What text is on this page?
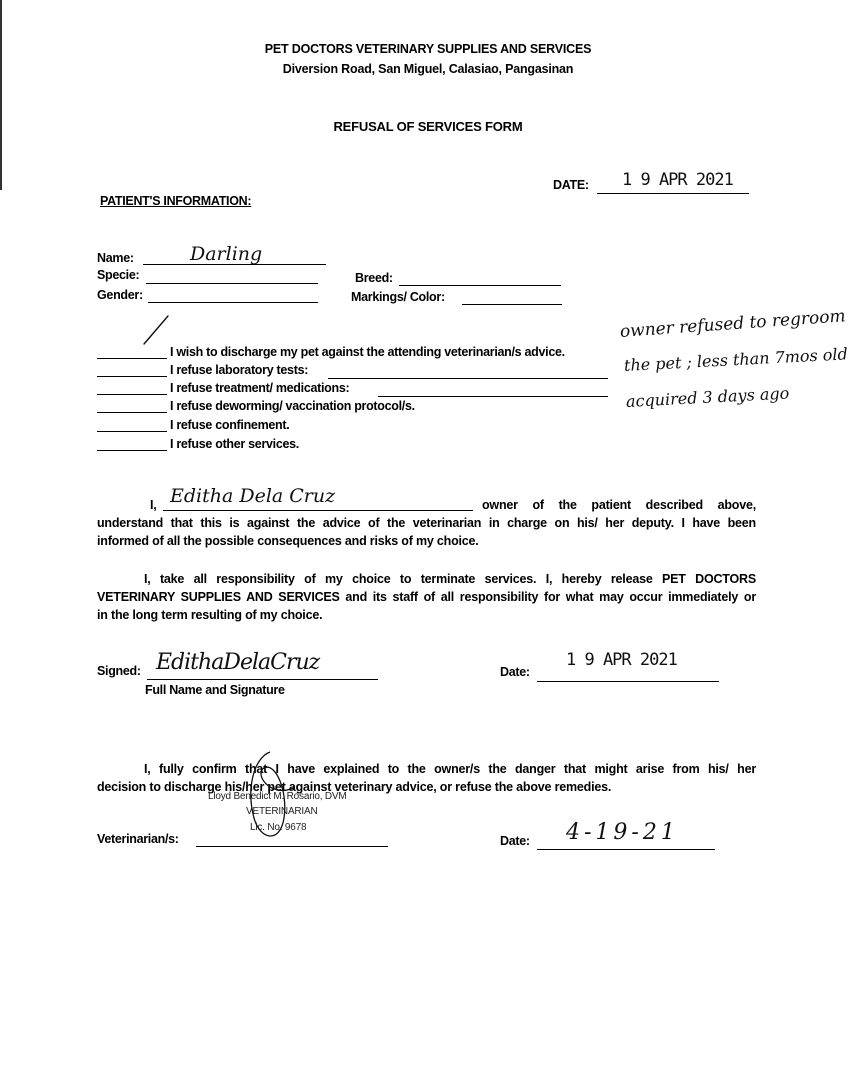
PET DOCTORS VETERINARY SUPPLIES AND SERVICES
Diversion Road, San Miguel, Calasiao, Pangasinan
REFUSAL OF SERVICES FORM
DATE: 1 9 APR 2021
PATIENT'S INFORMATION:
Name:	Darling
Specie:	Breed:
Gender:	Markings/ Color:
I wish to discharge my pet against the attending veterinarian/s advice.
I refuse laboratory tests:
I refuse treatment/ medications:
I refuse deworming/ vaccination protocol/s.
I refuse confinement.
I refuse other services.
owner refused to regroom
the pet ; less than 7mos old
acquired 3 days ago
I, Editha Dela Cruz	owner of the patient described above,
understand that this is against the advice of the veterinarian in charge on his/ her deputy. I have been
informed of all the possible consequences and risks of my choice.
I, take all responsibility of my choice to terminate services. I, hereby release PET DOCTORS
VETERINARY SUPPLIES AND SERVICES and its staff of all responsibility for what may occur immediately or
in the long term resulting of my choice.
Signed: EdithaDelaCruz
Full Name and Signature
Date:
1 9 APR 2021
I, fully confirm that I have explained to the owner/s the danger that might arise from his/ her
decision to discharge his/her pet against veterinary advice, or refuse the above remedies.
Lloyd Benedict M. Rosario, DVM
VETERINARIAN
Lic. No. 9678
Veterinarian/s:	Date: 4-19-21
